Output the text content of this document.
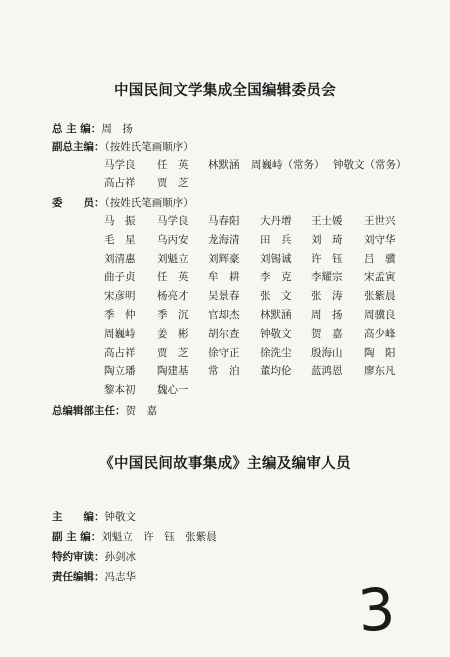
中国民间文学集成全国编辑委员会
总 主 编：周　扬
副总主编：（按姓氏笔画顺序）
马学良 任　英 林默涵 周巍峙（常务） 钟敬文（常务）
高占祥 贾　芝
委　　员：（按姓氏笔画顺序）
马　振 马学良 马春阳 大丹增 王士媛 王世兴
毛　星 乌丙安 龙海清 田　兵 刘　琦 刘守华
刘清惠 刘魁立 刘辉豪 刘锡诚 许　钰 吕　骥
曲子贞 任　英 牟　耕 李　克 李耀宗 宋孟寅
宋彦明 杨亮才 吴景春 张　文 张　涛 张紫晨
季　仲 季　沉 官却杰 林默涵 周　扬 周骥良
周巍峙 姜　彬 胡尔查 钟敬文 贺　嘉 高少峰
高占祥 贾　芝 徐守正 徐洗尘 殷海山 陶　阳
陶立璠 陶建基 常　泊 董均伦 蓝鸿恩 廖东凡
黎本初 魏心一
总编辑部主任：贺　嘉
《中国民间故事集成》主编及编审人员
主　　编：钟敬文
副 主 编：刘魁立　许　钰　张紫晨
特约审读：孙剑冰
责任编辑：冯志华	3
